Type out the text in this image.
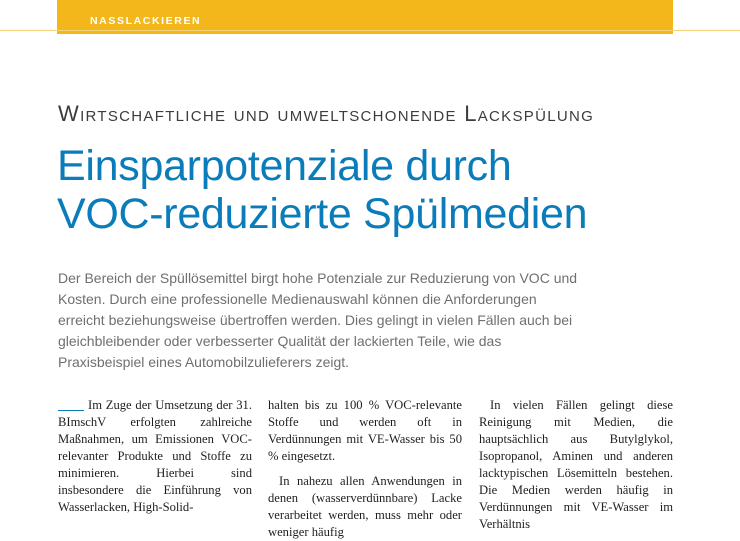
NASSLACKIEREN
Wirtschaftliche und umweltschonende Lackspülung
Einsparpotenziale durch
VOC-reduzierte Spülmedien
Der Bereich der Spüllösemittel birgt hohe Potenziale zur Reduzierung von VOC und Kosten. Durch eine professionelle Medienauswahl können die Anforderungen erreicht beziehungsweise übertroffen werden. Dies gelingt in vielen Fällen auch bei gleichbleibender oder verbesserter Qualität der lackierten Teile, wie das Praxisbeispiel eines Automobilzulieferers zeigt.

Im Zuge der Umsetzung der 31. BImschV erfolgten zahlreiche Maßnahmen, um Emissionen VOC-relevanter Produkte und Stoffe zu minimieren. Hierbei sind insbesondere die Einführung von Wasserlacken, High-Solid-

halten bis zu 100 % VOC-relevante Stoffe und werden oft in Verdünnungen mit VE-Wasser bis 50 % eingesetzt.

In nahezu allen Anwendungen in denen (wasserverdünnbare) Lacke verarbeitet werden, muss mehr oder weniger häufig

In vielen Fällen gelingt diese Reinigung mit Medien, die hauptsächlich aus Butylglykol, Isopropanol, Aminen und anderen lacktypischen Lösemitteln bestehen. Die Medien werden häufig in Verdünnungen mit VE-Wasser im Verhältnis
